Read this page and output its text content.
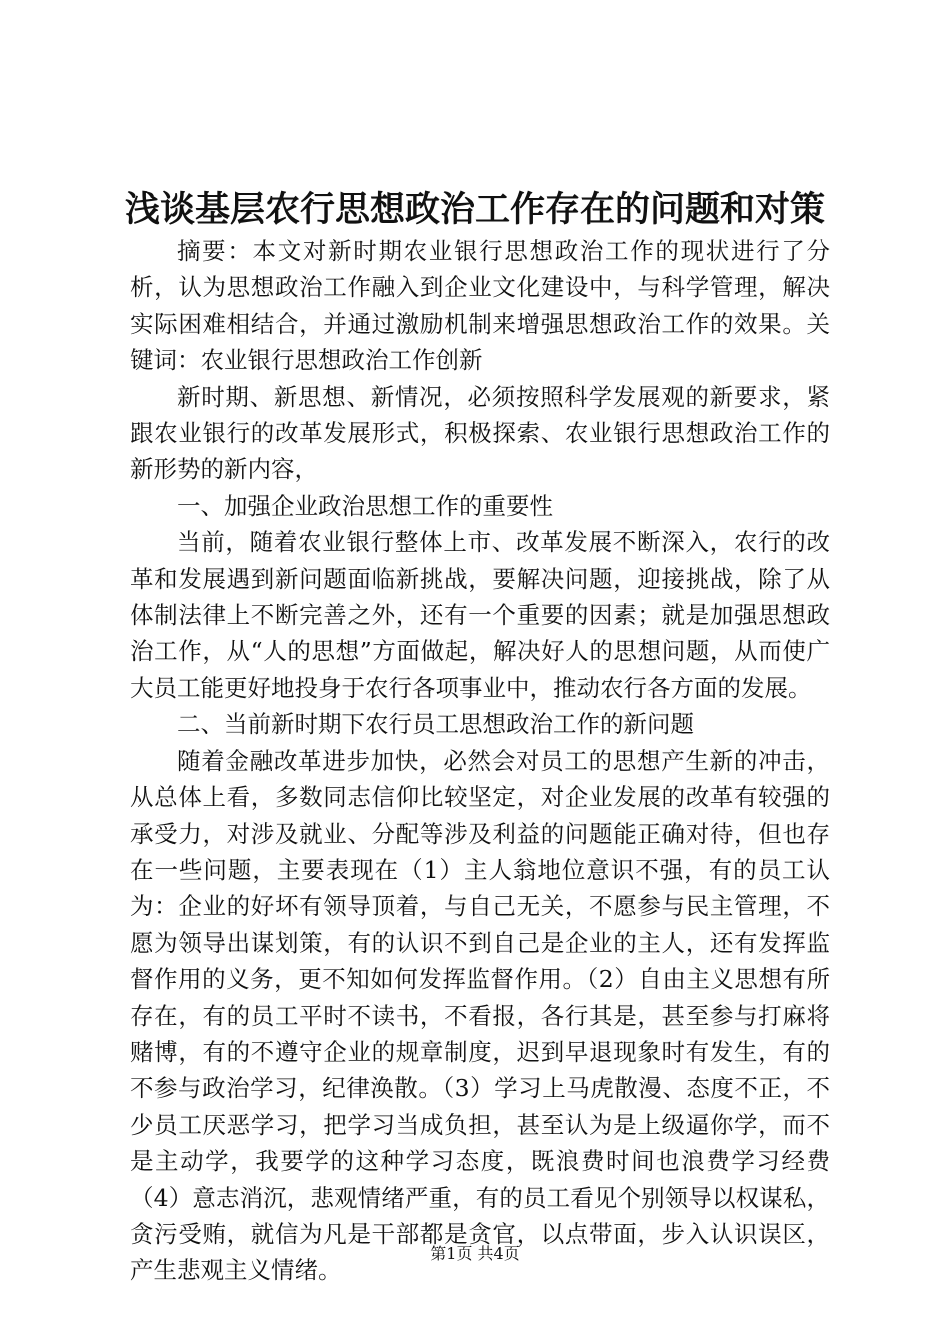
浅谈基层农行思想政治工作存在的问题和对策

摘要：本文对新时期农业银行思想政治工作的现状进行了分析，认为思想政治工作融入到企业文化建设中，与科学管理，解决实际困难相结合，并通过激励机制来增强思想政治工作的效果。关键词：农业银行思想政治工作创新

新时期、新思想、新情况，必须按照科学发展观的新要求，紧跟农业银行的改革发展形式，积极探索、农业银行思想政治工作的新形势的新内容，

一、加强企业政治思想工作的重要性

当前，随着农业银行整体上市、改革发展不断深入，农行的改革和发展遇到新问题面临新挑战，要解决问题，迎接挑战，除了从体制法律上不断完善之外，还有一个重要的因素；就是加强思想政治工作，从“人的思想”方面做起，解决好人的思想问题，从而使广大员工能更好地投身于农行各项事业中，推动农行各方面的发展。

二、当前新时期下农行员工思想政治工作的新问题

随着金融改革进步加快，必然会对员工的思想产生新的冲击，从总体上看，多数同志信仰比较坚定，对企业发展的改革有较强的承受力，对涉及就业、分配等涉及利益的问题能正确对待，但也存在一些问题，主要表现在（1）主人翁地位意识不强，有的员工认为：企业的好坏有领导顶着，与自己无关，不愿参与民主管理，不愿为领导出谋划策，有的认识不到自己是企业的主人，还有发挥监督作用的义务，更不知如何发挥监督作用。（2）自由主义思想有所存在，有的员工平时不读书，不看报，各行其是，甚至参与打麻将赌博，有的不遵守企业的规章制度，迟到早退现象时有发生，有的不参与政治学习，纪律涣散。（3）学习上马虎散漫、态度不正，不少员工厌恶学习，把学习当成负担，甚至认为是上级逼你学，而不是主动学，我要学的这种学习态度，既浪费时间也浪费学习经费（4）意志消沉，悲观情绪严重，有的员工看见个别领导以权谋私，贪污受贿，就信为凡是干部都是贪官，以点带面，步入认识误区，产生悲观主义情绪。

第1页 共4页
